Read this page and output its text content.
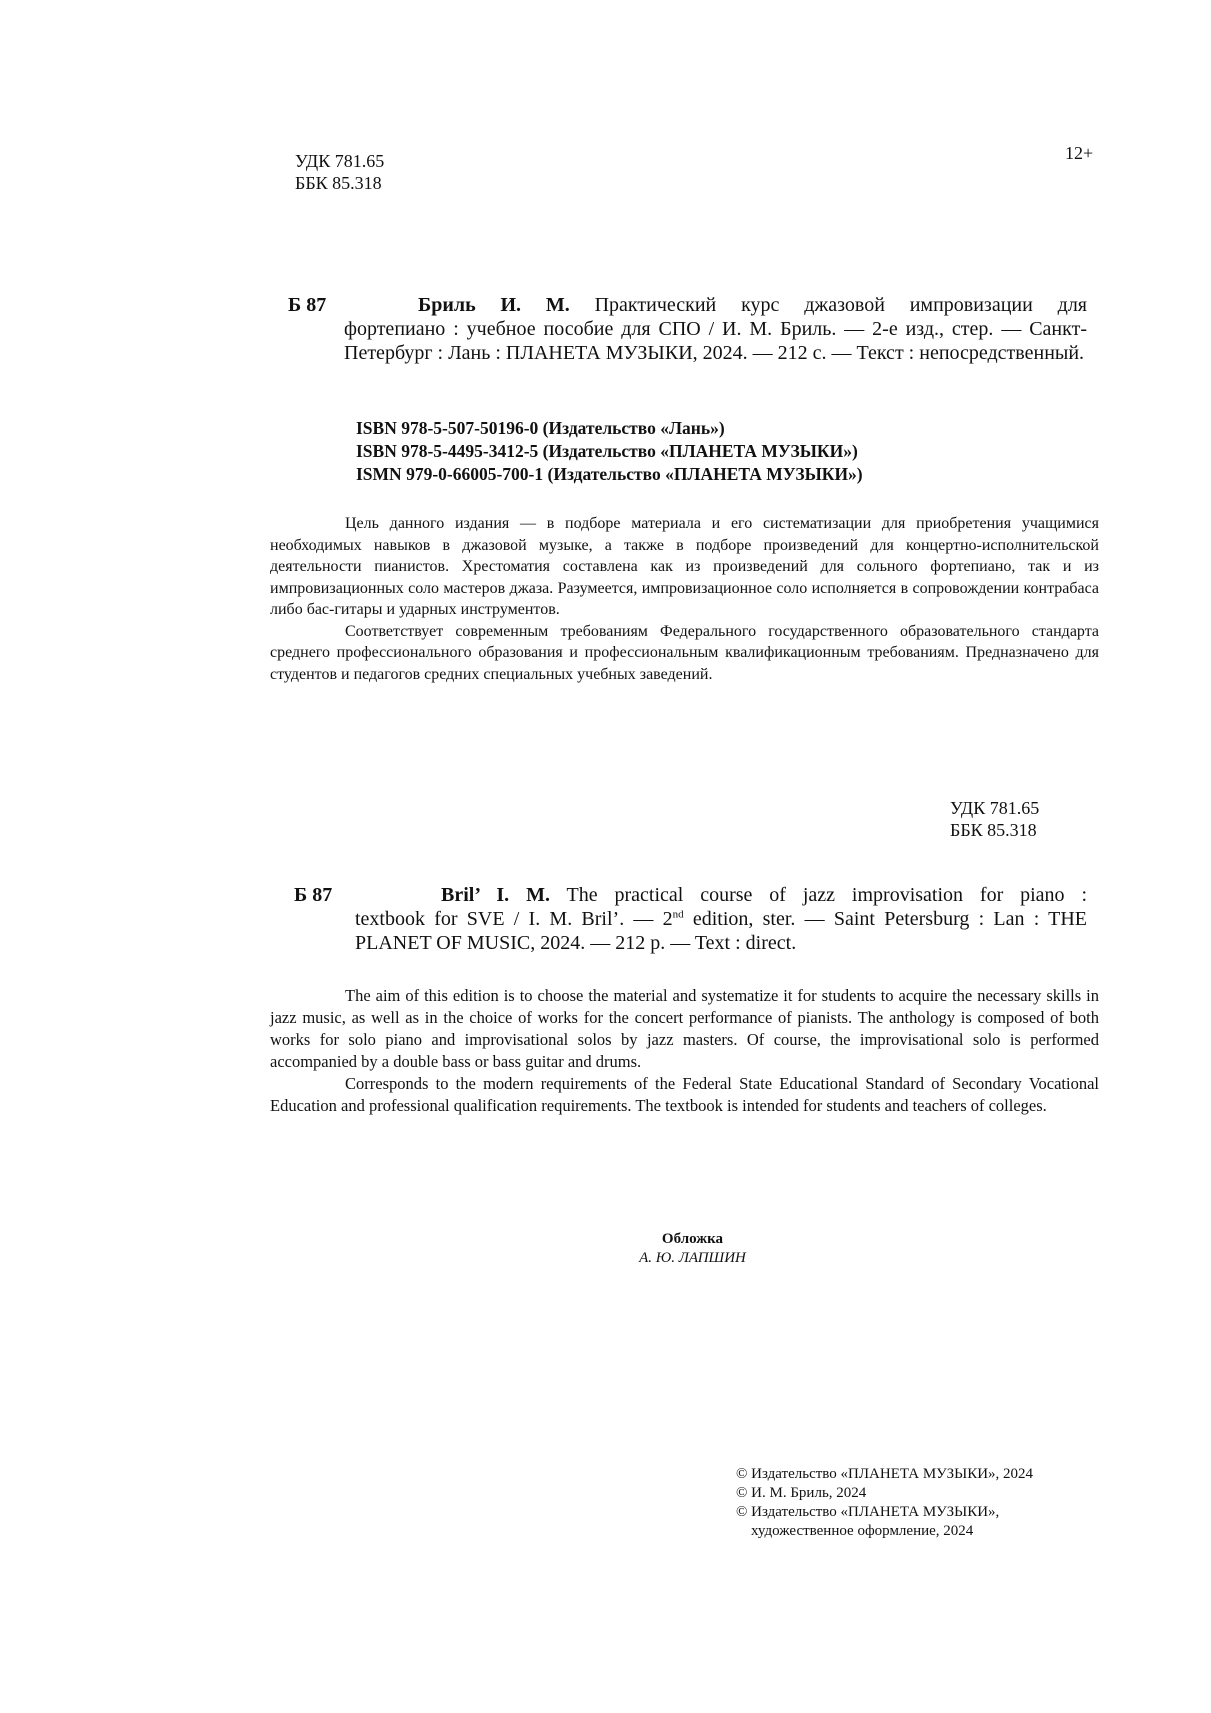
УДК 781.65
ББК 85.318
12+
Б 87	Бриль И. М. Практический курс джазовой импровизации для
фортепиано : учебное пособие для СПО / И. М. Бриль. — 2-е изд., стер. — Санкт-Петербург : Лань : ПЛАНЕТА МУЗЫКИ, 2024. — 212 с. — Текст : непосредственный.
ISBN 978-5-507-50196-0 (Издательство «Лань»)
ISBN 978-5-4495-3412-5 (Издательство «ПЛАНЕТА МУЗЫКИ»)
ISMN 979-0-66005-700-1 (Издательство «ПЛАНЕТА МУЗЫКИ»)

Цель данного издания — в подборе материала и его систематизации для приобретения учащимися необходимых навыков в джазовой музыке, а также в подборе произведений для концертно-исполнительской деятельности пианистов. Хрестоматия составлена как из произведений для сольного фортепиано, так и из импровизационных соло мастеров джаза. Разумеется, импровизационное соло исполняется в сопровождении контрабаса либо бас-гитары и ударных инструментов.

Соответствует современным требованиям Федерального государственного образовательного стандарта среднего профессионального образования и профессиональным квалификационным требованиям. Предназначено для студентов и педагогов средних специальных учебных заведений.

УДК 781.65
ББК 85.318
Б 87	Bril’ I. M. The practical course of jazz improvisation for piano :
textbook for SVE / I. M. Bril’. — 2nd edition, ster. — Saint Petersburg : Lan : THE PLANET OF MUSIC, 2024. — 212 p. — Text : direct.

The aim of this edition is to choose the material and systematize it for students to acquire the necessary skills in jazz music, as well as in the choice of works for the concert performance of pianists. The anthology is composed of both works for solo piano and improvisational solos by jazz masters. Of course, the improvisational solo is performed accompanied by a double bass or bass guitar and drums.

Corresponds to the modern requirements of the Federal State Educational Standard of Secondary Vocational Education and professional qualification requirements. The textbook is intended for students and teachers of colleges.

Обложка
А. Ю. ЛАПШИН
© Издательство «ПЛАНЕТА МУЗЫКИ», 2024
© И. М. Бриль, 2024
© Издательство «ПЛАНЕТА МУЗЫКИ»,
художественное оформление, 2024
